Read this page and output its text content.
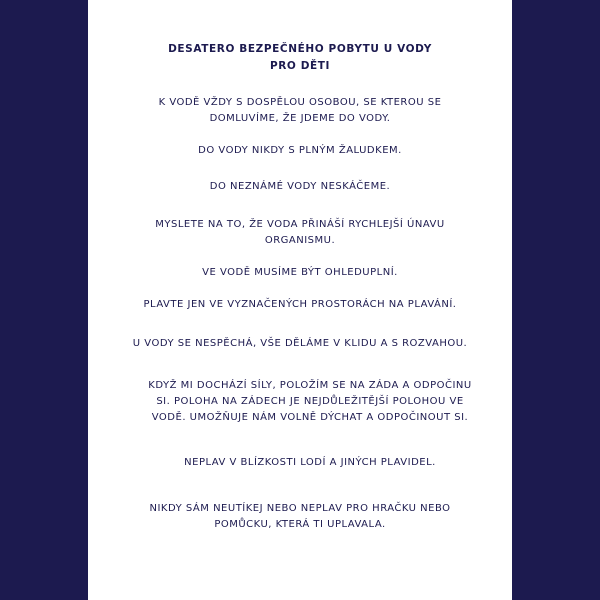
DESATERO BEZPEČNÉHO POBYTU U VODY
PRO DĚTI

K VODĚ VŽDY S DOSPĚLOU OSOBOU, SE KTEROU SE
DOMLUVÍME, ŽE JDEME DO VODY.

DO VODY NIKDY S PLNÝM ŽALUDKEM.

DO NEZNÁMÉ VODY NESKÁČEME.

MYSLETE NA TO, ŽE VODA PŘINÁŠÍ RYCHLEJŠÍ ÚNAVU
ORGANISMU.

VE VODĚ MUSÍME BÝT OHLEDUPLNÍ.

PLAVTE JEN VE VYZNAČENÝCH PROSTORÁCH NA PLAVÁNÍ.

U VODY SE NESPĚCHÁ, VŠE DĚLÁME V KLIDU A S ROZVAHOU.

KDYŽ MI DOCHÁZÍ SÍLY, POLOŽÍM SE NA ZÁDA A ODPOČINU
SI. POLOHA NA ZÁDECH JE NEJDŮLEŽITĚJŠÍ POLOHOU VE
VODĚ. UMOŽŇUJE NÁM VOLNĚ DÝCHAT A ODPOČINOUT SI.

NEPLAV V BLÍZKOSTI LODÍ A JINÝCH PLAVIDEL.

NIKDY SÁM NEUTÍKEJ NEBO NEPLAV PRO HRAČKU NEBO
POMŮCKU, KTERÁ TI UPLAVALA.
